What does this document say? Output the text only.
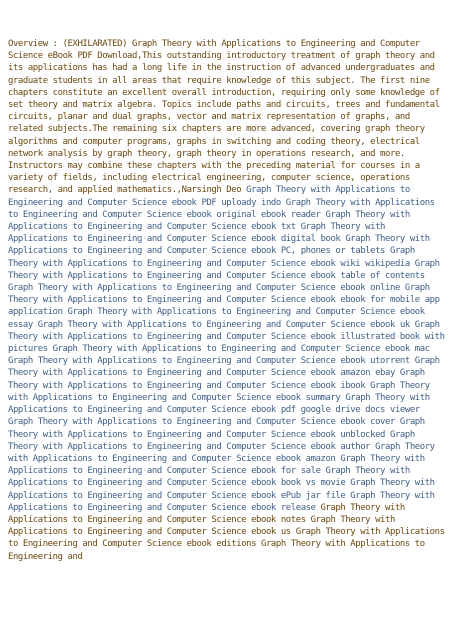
Overview : (EXHILARATED) Graph Theory with Applications to Engineering and Computer Science eBook PDF Download,This outstanding introductory treatment of graph theory and its applications has had a long life in the instruction of advanced undergraduates and graduate students in all areas that require knowledge of this subject. The first nine chapters constitute an excellent overall introduction, requiring only some knowledge of set theory and matrix algebra. Topics include paths and circuits, trees and fundamental circuits, planar and dual graphs, vector and matrix representation of graphs, and related subjects.The remaining six chapters are more advanced, covering graph theory algorithms and computer programs, graphs in switching and coding theory, electrical network analysis by graph theory, graph theory in operations research, and more. Instructors may combine these chapters with the preceding material for courses in a variety of fields, including electrical engineering, computer science, operations research, and applied mathematics.,Narsingh Deo Graph Theory with Applications to Engineering and Computer Science ebook PDF uploady indo Graph Theory with Applications to Engineering and Computer Science ebook original ebook reader Graph Theory with Applications to Engineering and Computer Science ebook txt Graph Theory with Applications to Engineering and Computer Science ebook digital book Graph Theory with Applications to Engineering and Computer Science ebook PC, phones or tablets Graph Theory with Applications to Engineering and Computer Science ebook wiki wikipedia Graph Theory with Applications to Engineering and Computer Science ebook table of contents Graph Theory with Applications to Engineering and Computer Science ebook online Graph Theory with Applications to Engineering and Computer Science ebook ebook for mobile app application Graph Theory with Applications to Engineering and Computer Science ebook essay Graph Theory with Applications to Engineering and Computer Science ebook uk Graph Theory with Applications to Engineering and Computer Science ebook illustrated book with pictures Graph Theory with Applications to Engineering and Computer Science ebook mac Graph Theory with Applications to Engineering and Computer Science ebook utorrent Graph Theory with Applications to Engineering and Computer Science ebook amazon ebay Graph Theory with Applications to Engineering and Computer Science ebook ibook Graph Theory with Applications to Engineering and Computer Science ebook summary Graph Theory with Applications to Engineering and Computer Science ebook pdf google drive docs viewer Graph Theory with Applications to Engineering and Computer Science ebook cover Graph Theory with Applications to Engineering and Computer Science ebook unblocked Graph Theory with Applications to Engineering and Computer Science ebook author Graph Theory with Applications to Engineering and Computer Science ebook amazon Graph Theory with Applications to Engineering and Computer Science ebook for sale Graph Theory with Applications to Engineering and Computer Science ebook book vs movie Graph Theory with Applications to Engineering and Computer Science ebook ePub jar file Graph Theory with Applications to Engineering and Computer Science ebook release Graph Theory with Applications to Engineering and Computer Science ebook notes Graph Theory with Applications to Engineering and Computer Science ebook us Graph Theory with Applications to Engineering and Computer Science ebook editions Graph Theory with Applications to Engineering and
